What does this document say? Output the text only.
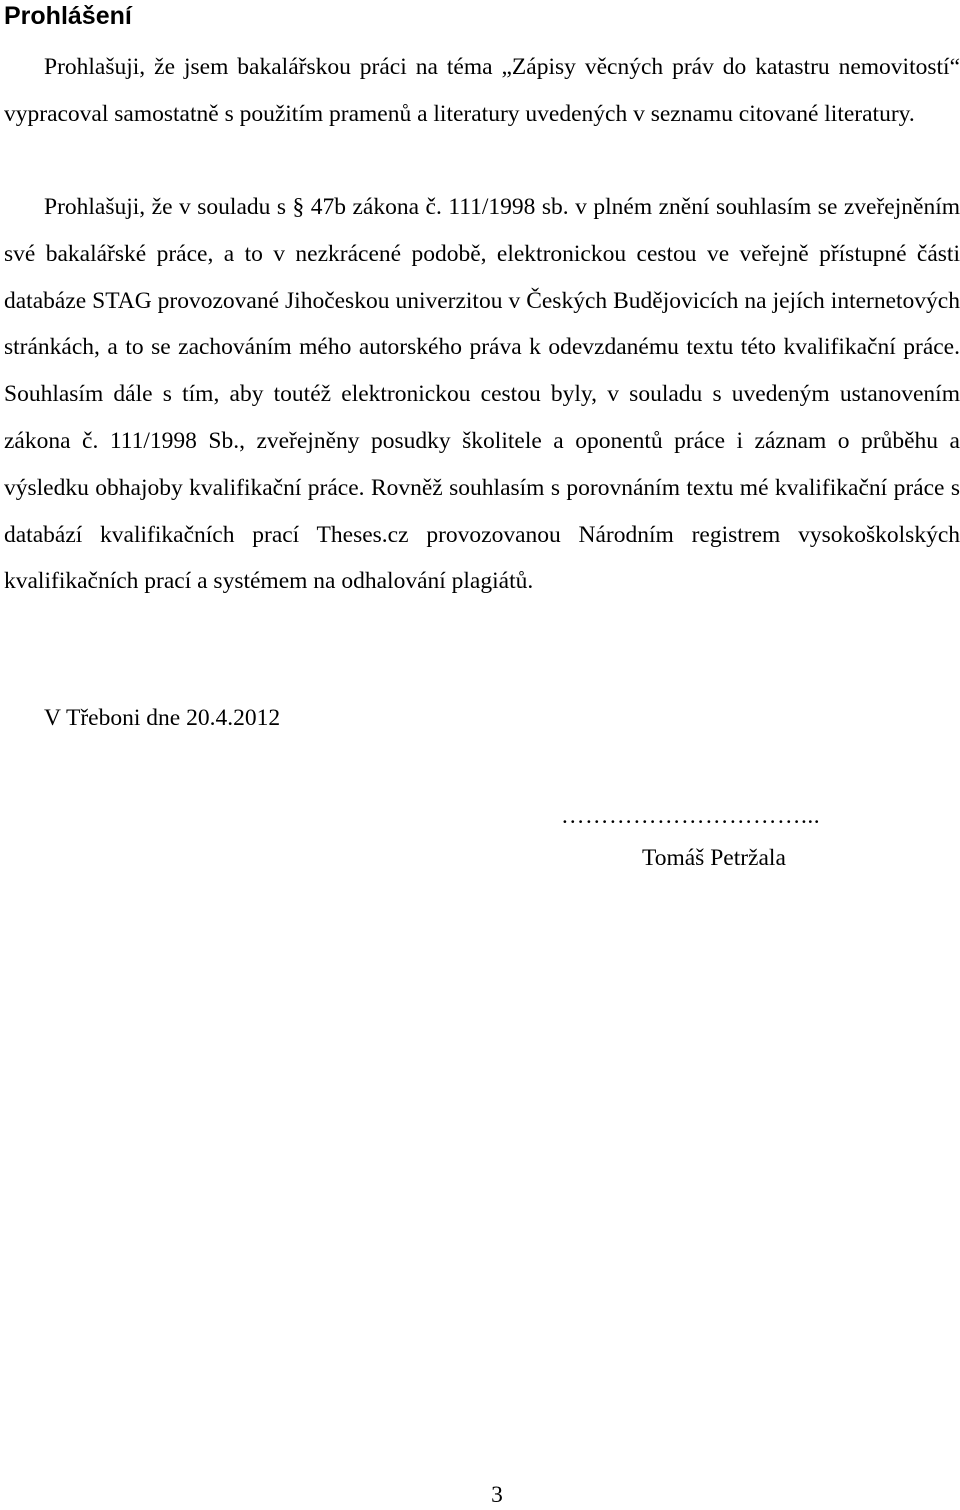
Prohlášení

Prohlašuji, že jsem bakalářskou práci na téma „Zápisy věcných práv do katastru nemovitostí“ vypracoval samostatně s použitím pramenů a literatury uvedených v seznamu citované literatury.

Prohlašuji, že v souladu s § 47b zákona č. 111/1998 sb. v plném znění souhlasím se zveřejněním své bakalářské práce, a to v nezkrácené podobě, elektronickou cestou ve veřejně přístupné části databáze STAG provozované Jihočeskou univerzitou v Českých Budějovicích na jejích internetových stránkách, a to se zachováním mého autorského práva k odevzdanému textu této kvalifikační práce. Souhlasím dále s tím, aby toutéž elektronickou cestou byly, v souladu s uvedeným ustanovením zákona č. 111/1998 Sb., zveřejněny posudky školitele a oponentů práce i záznam o průběhu a výsledku obhajoby kvalifikační práce. Rovněž souhlasím s porovnáním textu mé kvalifikační práce s databází kvalifikačních prací Theses.cz provozovanou Národním registrem vysokoškolských kvalifikačních prací a systémem na odhalování plagiátů.

V Třeboni dne 20.4.2012

…………………………...

Tomáš Petržala

3
